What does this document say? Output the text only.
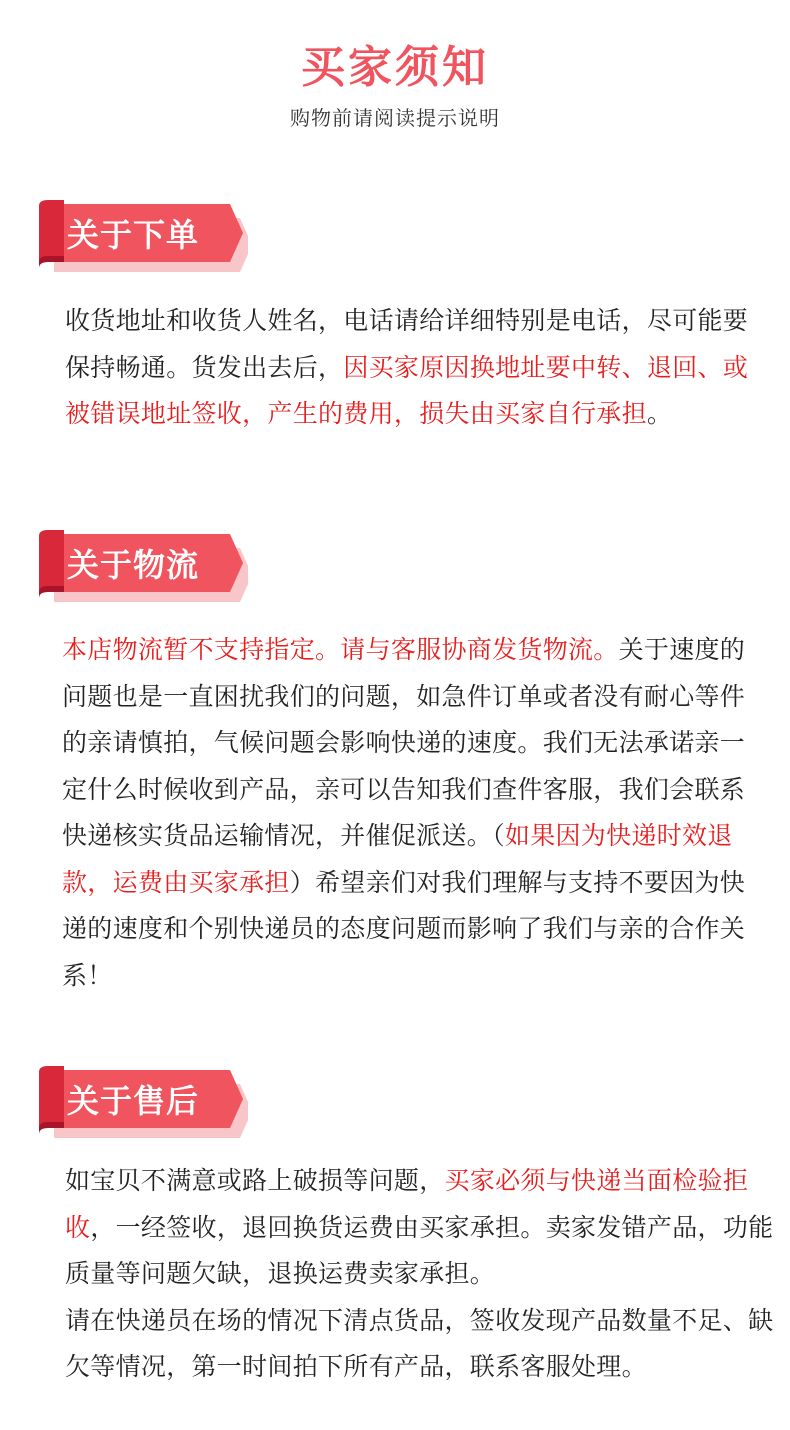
买家须知
购物前请阅读提示说明
关于下单
收货地址和收货人姓名，电话请给详细特别是电话，尽可能要保持畅通。货发出去后，因买家原因换地址要中转、退回、或被错误地址签收，产生的费用，损失由买家自行承担。
关于物流
本店物流暂不支持指定。请与客服协商发货物流。关于速度的问题也是一直困扰我们的问题，如急件订单或者没有耐心等件的亲请慎拍，气候问题会影响快递的速度。我们无法承诺亲一定什么时候收到产品，亲可以告知我们查件客服，我们会联系快递核实货品运输情况，并催促派送。（如果因为快递时效退款，运费由买家承担）希望亲们对我们理解与支持不要因为快递的速度和个别快递员的态度问题而影响了我们与亲的合作关系！
关于售后
如宝贝不满意或路上破损等问题，买家必须与快递当面检验拒收，一经签收，退回换货运费由买家承担。卖家发错产品，功能质量等问题欠缺，退换运费卖家承担。
请在快递员在场的情况下清点货品，签收发现产品数量不足、缺欠等情况，第一时间拍下所有产品，联系客服处理。
